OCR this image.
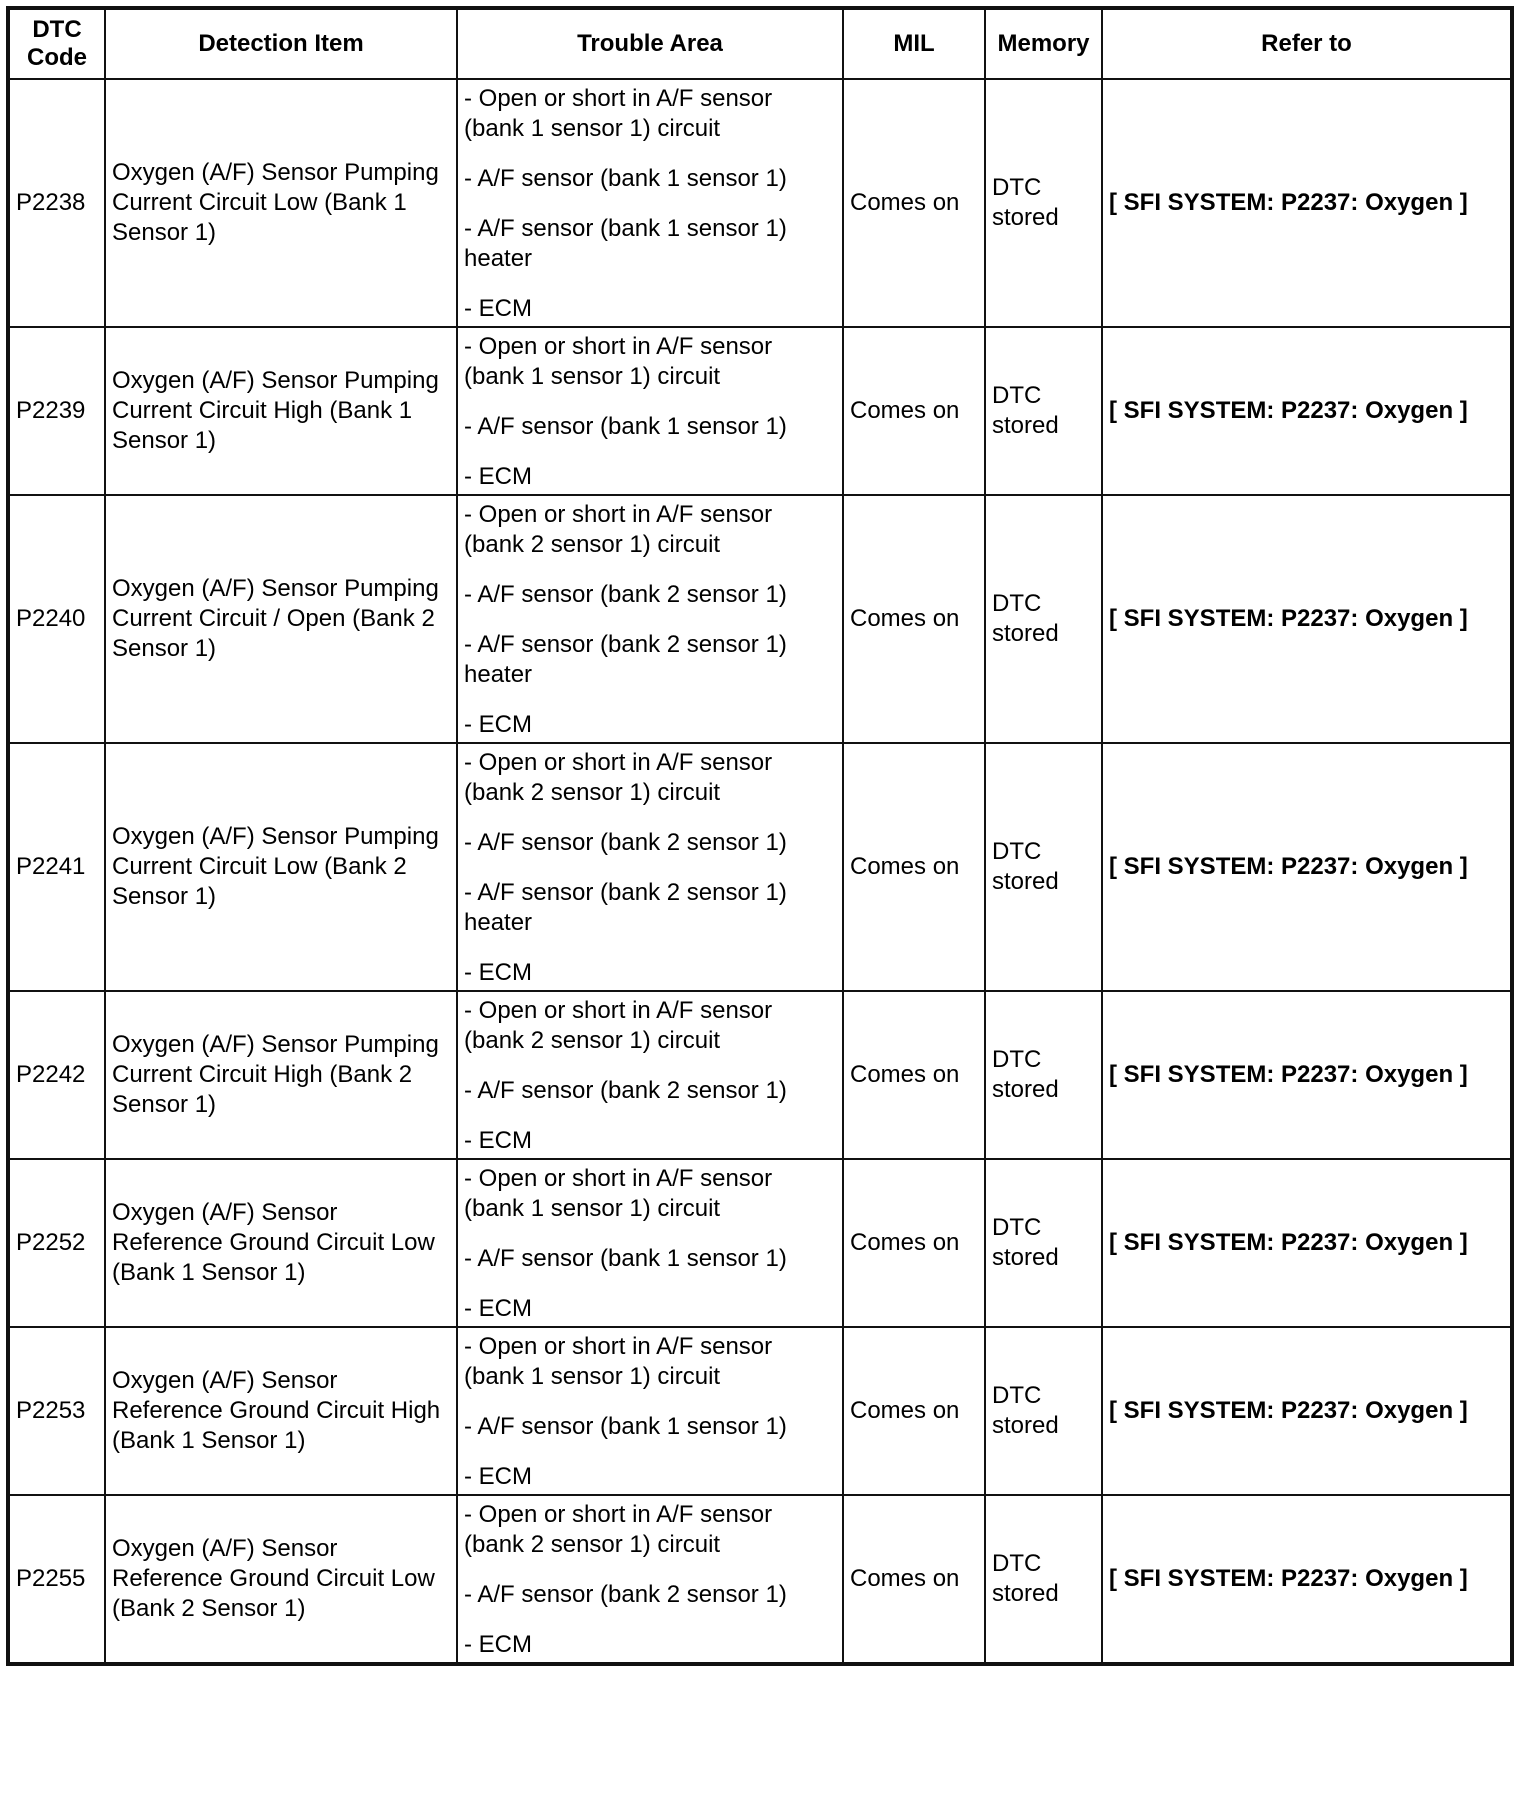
DTC
Code	Detection Item	Trouble Area	MIL	Memory	Refer to
P2238	Oxygen (A/F) Sensor Pumping Current Circuit Low (Bank 1 Sensor 1)	- Open or short in A/F sensor (bank 1 sensor 1) circuit
- A/F sensor (bank 1 sensor 1)
- A/F sensor (bank 1 sensor 1) heater
- ECM	Comes on	DTC stored	[ SFI SYSTEM: P2237: Oxygen ]
P2239	Oxygen (A/F) Sensor Pumping Current Circuit High (Bank 1 Sensor 1)	- Open or short in A/F sensor (bank 1 sensor 1) circuit
- A/F sensor (bank 1 sensor 1)
- ECM	Comes on	DTC stored	[ SFI SYSTEM: P2237: Oxygen ]
P2240	Oxygen (A/F) Sensor Pumping Current Circuit / Open (Bank 2 Sensor 1)	- Open or short in A/F sensor (bank 2 sensor 1) circuit
- A/F sensor (bank 2 sensor 1)
- A/F sensor (bank 2 sensor 1) heater
- ECM	Comes on	DTC stored	[ SFI SYSTEM: P2237: Oxygen ]
P2241	Oxygen (A/F) Sensor Pumping Current Circuit Low (Bank 2 Sensor 1)	- Open or short in A/F sensor (bank 2 sensor 1) circuit
- A/F sensor (bank 2 sensor 1)
- A/F sensor (bank 2 sensor 1) heater
- ECM	Comes on	DTC stored	[ SFI SYSTEM: P2237: Oxygen ]
P2242	Oxygen (A/F) Sensor Pumping Current Circuit High (Bank 2 Sensor 1)	- Open or short in A/F sensor (bank 2 sensor 1) circuit
- A/F sensor (bank 2 sensor 1)
- ECM	Comes on	DTC stored	[ SFI SYSTEM: P2237: Oxygen ]
P2252	Oxygen (A/F) Sensor Reference Ground Circuit Low (Bank 1 Sensor 1)	- Open or short in A/F sensor (bank 1 sensor 1) circuit
- A/F sensor (bank 1 sensor 1)
- ECM	Comes on	DTC stored	[ SFI SYSTEM: P2237: Oxygen ]
P2253	Oxygen (A/F) Sensor Reference Ground Circuit High (Bank 1 Sensor 1)	- Open or short in A/F sensor (bank 1 sensor 1) circuit
- A/F sensor (bank 1 sensor 1)
- ECM	Comes on	DTC stored	[ SFI SYSTEM: P2237: Oxygen ]
P2255	Oxygen (A/F) Sensor Reference Ground Circuit Low (Bank 2 Sensor 1)	- Open or short in A/F sensor (bank 2 sensor 1) circuit
- A/F sensor (bank 2 sensor 1)
- ECM	Comes on	DTC stored	[ SFI SYSTEM: P2237: Oxygen ]
